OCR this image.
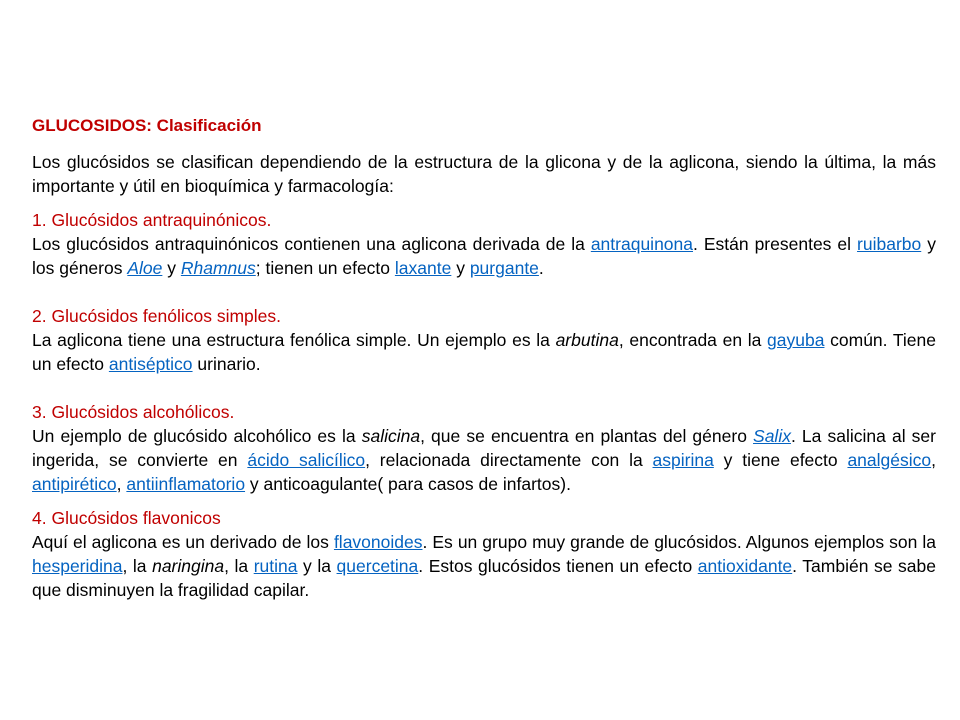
GLUCOSIDOS: Clasificación

Los glucósidos se clasifican dependiendo de la estructura de la glicona y de la aglicona, siendo la última, la más importante y útil en bioquímica y farmacología:

1. Glucósidos antraquinónicos.

Los glucósidos antraquinónicos contienen una aglicona derivada de la antraquinona. Están presentes el ruibarbo y los géneros Aloe y Rhamnus; tienen un efecto laxante y purgante.

2. Glucósidos fenólicos simples.

La aglicona tiene una estructura fenólica simple. Un ejemplo es la arbutina, encontrada en la gayuba común. Tiene un efecto antiséptico urinario.

3. Glucósidos alcohólicos.

Un ejemplo de glucósido alcohólico es la salicina, que se encuentra en plantas del género Salix. La salicina al ser ingerida, se convierte en ácido salicílico, relacionada directamente con la aspirina y tiene efecto analgésico, antipirético, antiinflamatorio y anticoagulante( para casos de infartos).

4. Glucósidos flavonicos

Aquí el aglicona es un derivado de los flavonoides. Es un grupo muy grande de glucósidos. Algunos ejemplos son la hesperidina, la naringina, la rutina y la quercetina. Estos glucósidos tienen un efecto antioxidante. También se sabe que disminuyen la fragilidad capilar.
